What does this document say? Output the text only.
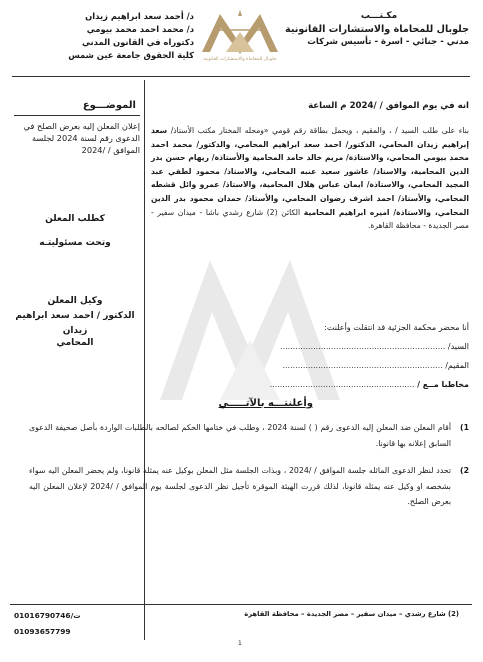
مكـتـــب
جلوبال للمحاماة والاستشارات القانونية
مدني - جنائي - اسرة - تأسيس شركات
جلوبال للمحاماة والاستشارات القانونية
د/ أحمد سعد ابراهيم زيدان
د/ محمد احمد محمد بيومي
دكتوراه في القانون المدني
كلية الحقوق جامعة عين شمس
الموضـــوع
إعلان المعلن إليه بعرض الصلح في الدعوى رقم لسنة 2024 لجلسة الموافق / /2024
كطلب المعلن
وتحت مسئوليتـه
وكيل المعلن
الدكتور / احمد سعد ابراهيم زيدان
المحامي
انه في يوم الموافق / /2024 م الساعة
بناء على طلب السيد / ، والمقيم ، ويحمل بطاقة رقم قومي «ومحله المختار مكتب الأستاذ/ سعد إبراهيم زيدان المحامي، الدكتور/ احمد سعد ابراهيم المحامي، والدكتور/ محمد احمد محمد بيومي المحامي، والاستاذة/ مريم خالد حامد المحامية والأستاذة/ ريهام حسن بدر الدين المحامية، والاستاذ/ عاشور سعيد عنبه المحامي، والاستاذ/ محمود لطفي عبد المجيد المحامي، والاستاذة/ ايمان عباس هلال المحامية، والاستاذ/ عمرو وائل قشطه المحامي، والأستاذ/ احمد اشرف رضوان المحامي، والأستاذ/ حمدان محمود بدر الدين المحامي، والاستاذة/ اميره ابراهيم المحامية الكائن (2) شارع رشدي باشا - ميدان سفير - مصر الجديدة - محافظة القاهرة.
أنا محضر محكمة الجزئية قد انتقلت وأعلنت:
السيد/ .................................................................
المقيم/ ...............................................................
مخاطبا مــع / .........................................................
وأعلنتـــه بالآتـــــي
1)
أقام المعلن ضد المعلن إليه الدعوى رقم ( ) لسنة 2024 ، وطلب في ختامها الحكم لصالحه بالطلبات الواردة بأصل صحيفة الدعوى السابق إعلانه بها قانونا.
2)
تحدد لنظر الدعوى الماثله جلسة الموافق / /2024 ، وبذات الجلسة مثل المعلن بوكيل عنه يمثله قانونا، ولم يحضر المعلن اليه سواء بشخصه او وكيل عنه يمثله قانونا، لذلك قررت الهيئة الموقرة تأجيل نظر الدعوى لجلسة يوم الموافق / /2024 لإعلان المعلن اليه بعرض الصلح.
(2) شارع رشدي – ميدان سفير – مصر الجديدة – محافظة القاهرة
ت/01016790746
01093657799
1
